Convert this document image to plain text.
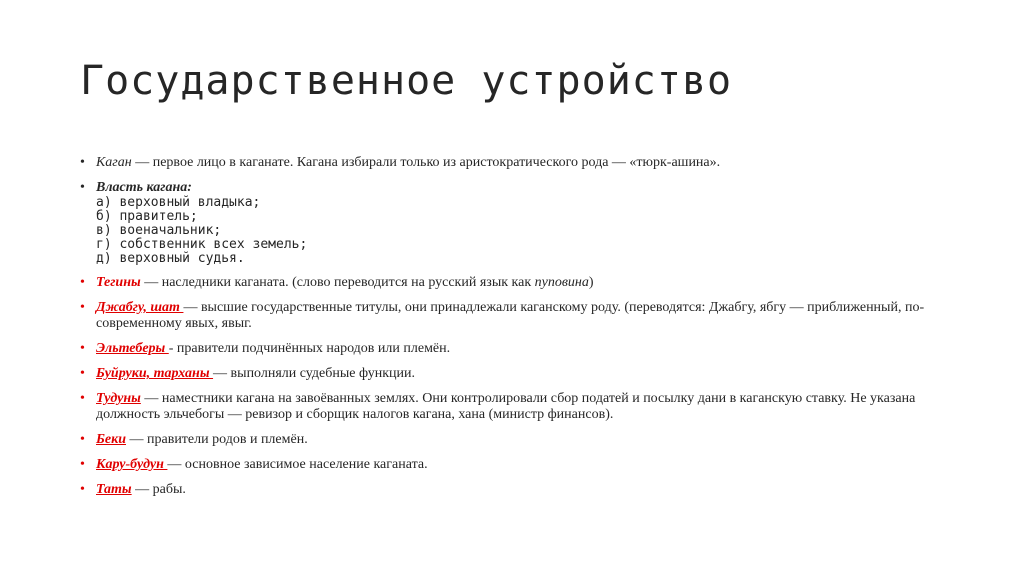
Государственное устройство
• Каган — первое лицо в каганате. Кагана избирали только из аристократического рода — «тюрк-ашина».
• Власть кагана:
а) верховный владыка;
б) правитель;
в) военачальник;
г) собственник всех земель;
д) верховный судья.
• Тегины — наследники каганата. (слово переводится на русский язык как пуповина)
• Джабгу, шат — высшие государственные титулы, они принадлежали каганскому роду. (переводятся: Джабгу, ябгу — приближенный, по-современному явых, явыг.
• Эльтеберы - правители подчинённых народов или племён.
• Буйруки, тарханы — выполняли судебные функции.
• Тудуны — наместники кагана на завоёванных землях. Они контролировали сбор податей и посылку дани в каганскую ставку. Не указана должность эльчебогы — ревизор и сборщик налогов кагана, хана (министр финансов).
• Беки — правители родов и племён.
• Кару-будун — основное зависимое население каганата.
• Таты — рабы.
